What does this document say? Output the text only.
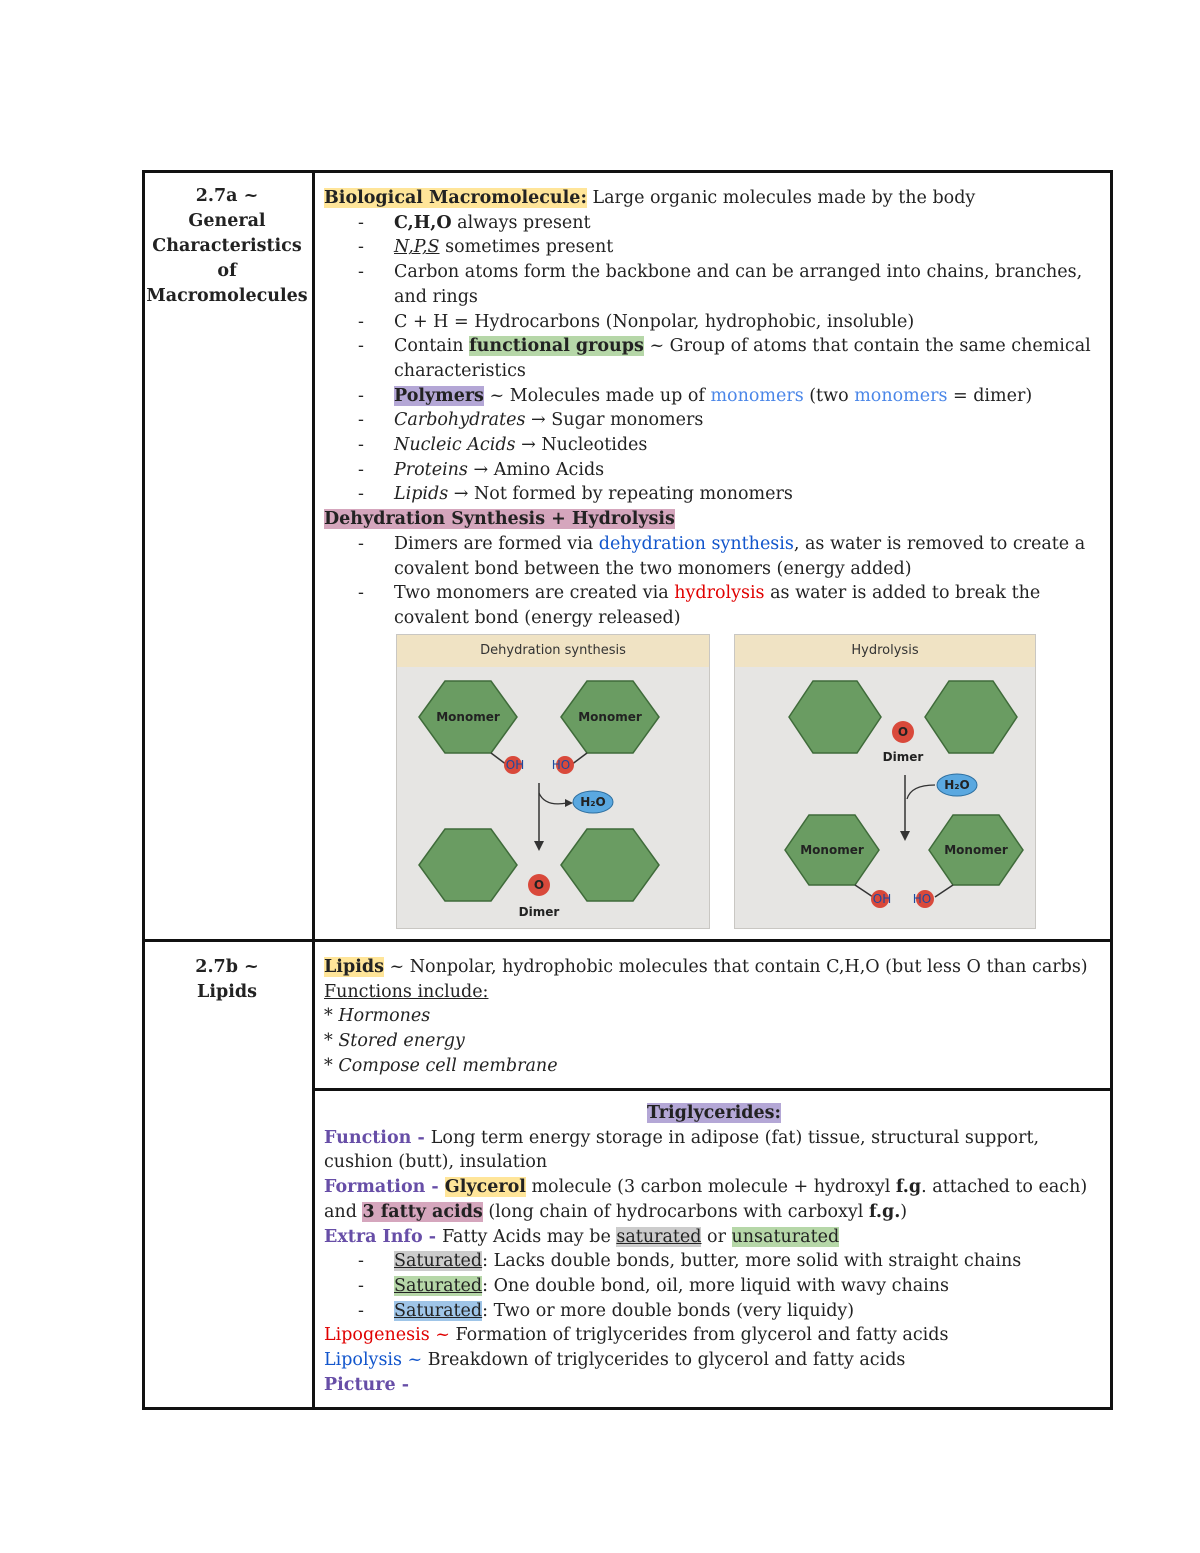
2.7a ~
General
Characteristics
of
Macromolecules
Biological Macromolecule: Large organic molecules made by the body
- C,H,O always present
- N,P,S sometimes present
- Carbon atoms form the backbone and can be arranged into chains, branches, and rings
- C + H = Hydrocarbons (Nonpolar, hydrophobic, insoluble)
- Contain functional groups ~ Group of atoms that contain the same chemical characteristics
- Polymers ~ Molecules made up of monomers (two monomers = dimer)
- Carbohydrates → Sugar monomers
- Nucleic Acids → Nucleotides
- Proteins → Amino Acids
- Lipids → Not formed by repeating monomers
Dehydration Synthesis + Hydrolysis
- Dimers are formed via dehydration synthesis, as water is removed to create a covalent bond between the two monomers (energy added)
- Two monomers are created via hydrolysis as water is added to break the covalent bond (energy released)
Dehydration synthesis
Monomer	Monomer
OH HO
H₂O
O
Dimer
Hydrolysis
O
Dimer
H₂O
Monomer	Monomer
OH HO
2.7b ~
Lipids
Lipids ~ Nonpolar, hydrophobic molecules that contain C,H,O (but less O than carbs)
Functions include:
* Hormones
* Stored energy
* Compose cell membrane
Triglycerides:
Function - Long term energy storage in adipose (fat) tissue, structural support, cushion (butt), insulation
Formation - Glycerol molecule (3 carbon molecule + hydroxyl f.g. attached to each) and 3 fatty acids (long chain of hydrocarbons with carboxyl f.g.)
Extra Info - Fatty Acids may be saturated or unsaturated
- Saturated: Lacks double bonds, butter, more solid with straight chains
- Saturated: One double bond, oil, more liquid with wavy chains
- Saturated: Two or more double bonds (very liquidy)
Lipogenesis ~ Formation of triglycerides from glycerol and fatty acids
Lipolysis ~ Breakdown of triglycerides to glycerol and fatty acids
Picture -
